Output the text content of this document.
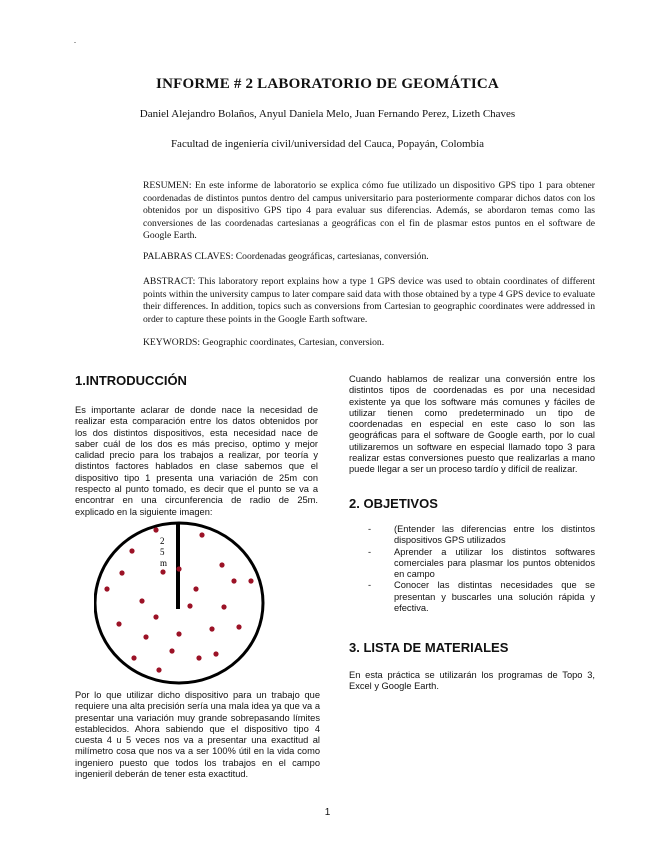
.
INFORME # 2 LABORATORIO DE GEOMÁTICA
Daniel Alejandro Bolaños, Anyul Daniela Melo, Juan Fernando Perez, Lizeth Chaves
Facultad de ingeniería civil/universidad del Cauca, Popayán, Colombia

RESUMEN: En este informe de laboratorio se explica cómo fue utilizado un dispositivo GPS tipo 1 para obtener coordenadas de distintos puntos dentro del campus universitario para posteriormente comparar dichos datos con los obtenidos por un dispositivo GPS tipo 4 para evaluar sus diferencias. Además, se abordaron temas como las conversiones de las coordenadas cartesianas a geográficas con el fin de plasmar estos puntos en el software de Google Earth.

PALABRAS CLAVES: Coordenadas geográficas, cartesianas, conversión.

ABSTRACT: This laboratory report explains how a type 1 GPS device was used to obtain coordinates of different points within the university campus to later compare said data with those obtained by a type 4 GPS device to evaluate their differences. In addition, topics such as conversions from Cartesian to geographic coordinates were addressed in order to capture these points in the Google Earth software.

KEYWORDS: Geographic coordinates, Cartesian, conversion.

1.INTRODUCCIÓN

Es importante aclarar de donde nace la necesidad de realizar esta comparación entre los datos obtenidos por los dos distintos dispositivos, esta necesidad nace de saber cuál de los dos es más preciso, optimo y mejor calidad precio para los trabajos a realizar, por teoría y distintos factores hablados en clase sabemos que el dispositivo tipo 1 presenta una variación de 25m con respecto al punto tomado, es decir que el punto se va a encontrar en una circunferencia de radio de 25m. explicado en la siguiente imagen:

2
5
m

Por lo que utilizar dicho dispositivo para un trabajo que requiere una alta precisión sería una mala idea ya que va a presentar una variación muy grande sobrepasando límites establecidos. Ahora sabiendo que el dispositivo tipo 4 cuesta 4 u 5 veces nos va a presentar una exactitud al milímetro cosa que nos va a ser 100% útil en la vida como ingeniero puesto que todos los trabajos en el campo ingenieril deberán de tener esta exactitud.

Cuando hablamos de realizar una conversión entre los distintos tipos de coordenadas es por una necesidad existente ya que los software más comunes y fáciles de utilizar tienen como predeterminado un tipo de coordenadas en especial en este caso lo son las geográficas para el software de Google earth, por lo cual utilizaremos un software en especial llamado topo 3 para realizar estas conversiones puesto que realizarlas a mano puede llegar a ser un proceso tardío y difícil de realizar.

2. OBJETIVOS
- (Entender las diferencias entre los distintos dispositivos GPS utilizados
- Aprender a utilizar los distintos softwares comerciales para plasmar los puntos obtenidos en campo
- Conocer las distintas necesidades que se presentan y buscarles una solución rápida y efectiva.
3. LISTA DE MATERIALES

En esta práctica se utilizarán los programas de Topo 3, Excel y Google Earth.

1
